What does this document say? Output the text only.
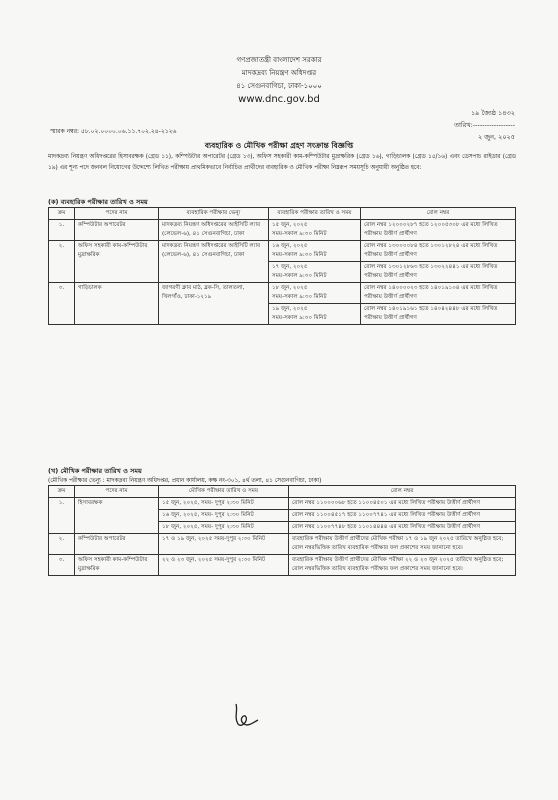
গণপ্রজাতন্ত্রী বাংলাদেশ সরকার
মাদকদ্রব্য নিয়ন্ত্রণ অধিদপ্তর
৪১ সেগুনবাগিচা, ঢাকা-১০০০
www.dnc.gov.bd
১৯ জ্যৈষ্ঠ ১৪৩২
তারিখ:------------------
২ জুন, ২০২৫
স্মারক নম্বর: ৫৮.০২.০০০০.০৬.১১.৭০২.২৪-২১২৬
ব্যবহারিক ও মৌখিক পরীক্ষা গ্রহণ সংক্রান্ত বিজ্ঞপ্তি
মাদকদ্রব্য নিয়ন্ত্রণ অধিদপ্তরের হিসাবরক্ষক (গ্রেড ১১), কম্পিউটার অপারেটর (গ্রেড ১৩), অফিস সহকারী কাম-কম্পিউটার মুদ্রাক্ষরিক (গ্রেড ১৬), গাড়িচালক (গ্রেড ১৫/১৬) এবং ডেসপাচ রাইডার (গ্রেড ১৯) এর শূন্য পদে জনবল নিয়োগের উদ্দেশ্যে লিখিত পরীক্ষায় প্রাথমিকভাবে নির্বাচিত প্রার্থীদের ব্যবহারিক ও মৌখিক পরীক্ষা নিম্নরূপ সময়সূচি অনুযায়ী অনুষ্ঠিত হবে:
(ক) ব্যবহারিক পরীক্ষার তারিখ ও সময়
ক্রম	পদের নাম	ব্যবহারিক পরীক্ষার ভেন্যু	ব্যবহারিক পরীক্ষার তারিখ ও সময়	রোল নম্বর
১.	কম্পিউটার অপারেটর	মাদকদ্রব্য নিয়ন্ত্রণ অধিদপ্তরের আইসিটি ল্যাব (লেভেল-৬), ৪১ সেগুনবাগিচা, ঢাকা	১৫ জুন, ২০২৫
সময়-সকাল ৯:৩০ মিনিট	রোল নম্বর ১২০০০২৮৭ হতে ১২০০৫৩০৮ এর মধ্যে লিখিত পরীক্ষায় উত্তীর্ণ প্রার্থীগণ
২.	অফিস সহকারী কাম-কম্পিউটার মুদ্রাক্ষরিক	মাদকদ্রব্য নিয়ন্ত্রণ অধিদপ্তরের আইসিটি ল্যাব (লেভেল-৬), ৪১ সেগুনবাগিচা, ঢাকা	১৬ জুন, ২০২৫
সময়-সকাল ৯:৩০ মিনিট	রোল নম্বর ১৩০০০০৮৪ হতে ১৩০১২৮২৪ এর মধ্যে লিখিত পরীক্ষায় উত্তীর্ণ প্রার্থীগণ

			১৭ জুন, ২০২৫
সময়-সকাল ৯:৩০ মিনিট	রোল নম্বর ১৩০১২৮৬৩ হতে ১৩০২২৪৪১ এর মধ্যে লিখিত পরীক্ষায় উত্তীর্ণ প্রার্থীগণ
৩.	গাড়িচালক	জাগরণী ক্লাব মাঠ, ব্লক-সি, তালতলা, খিলগাঁও, ঢাকা-১২১৯	১৮ জুন, ২০২৫
সময়-সকাল ৯:৩০ মিনিট	রোল নম্বর ১৪০০০০২৩ হতে ১৪০১৯১০৪ এর মধ্যে লিখিত পরীক্ষায় উত্তীর্ণ প্রার্থীগণ

			১৯ জুন, ২০২৫
সময়-সকাল ৯:৩০ মিনিট	রোল নম্বর ১৪০১৯১৬১ হতে ১৪০৪২৪৪৮ এর মধ্যে লিখিত পরীক্ষায় উত্তীর্ণ প্রার্থীগণ
(খ) মৌখিক পরীক্ষার তারিখ ও সময়
(মৌখিক পরীক্ষার ভেন্যু : মাদকদ্রব্য নিয়ন্ত্রণ অধিদপ্তর, প্রধান কার্যালয়, কক্ষ নং-৩০১, ৪র্থ তলা, ৪১ সেগুনবাগিচা, ঢাকা)
ক্রম	পদের নাম	মৌখিক পরীক্ষার তারিখ ও সময়	রোল নম্বর
১.	হিসাবরক্ষক	১৫ জুন, ২০২৫, সময়- দুপুর ২:৩০ মিনিট	রোল নম্বর ১১০০০০৬৮ হতে ১১০০৪৫০১ এর মধ্যে লিখিত পরীক্ষায় উত্তীর্ণ প্রার্থীগণ
		১৬ জুন, ২০২৫, সময়- দুপুর ২:৩০ মিনিট	রোল নম্বর ১১০০৪৫১৭ হতে ১১০০৭৭৪১ এর মধ্যে লিখিত পরীক্ষায় উত্তীর্ণ প্রার্থীগণ
		১৮ জুন, ২০২৫, সময়- দুপুর ২:৩০ মিনিট	রোল নম্বর ১১০০৭৭৪৮ হতে ১১০১৪৪৪৪ এর মধ্যে লিখিত পরীক্ষায় উত্তীর্ণ প্রার্থীগণ
২.	কম্পিউটার অপারেটর	১৭ ও ১৯ জুন, ২০২৫ সময়-দুপুর ২:৩০ মিনিট	ব্যবহারিক পরীক্ষায় উত্তীর্ণ প্রার্থীদের মৌখিক পরীক্ষা ১৭ ও ১৯ জুন ২০২৫ তারিখে অনুষ্ঠিত হবে; রোল নম্বরভিত্তিক তারিখ ব্যবহারিক পরীক্ষার ফল প্রকাশের সময় জানানো হবে।
৩.	অফিস সহকারী কাম-কম্পিউটার মুদ্রাক্ষরিক	২২ ও ২৩ জুন, ২০২৫ সময়-দুপুর ২:৩০ মিনিট	ব্যবহারিক পরীক্ষায় উত্তীর্ণ প্রার্থীদের মৌখিক পরীক্ষা ২২ ও ২৩ জুন ২০২৫ তারিখে অনুষ্ঠিত হবে; রোল নম্বরভিত্তিক তারিখ ব্যবহারিক পরীক্ষার ফল প্রকাশের সময় জানানো হবে।
